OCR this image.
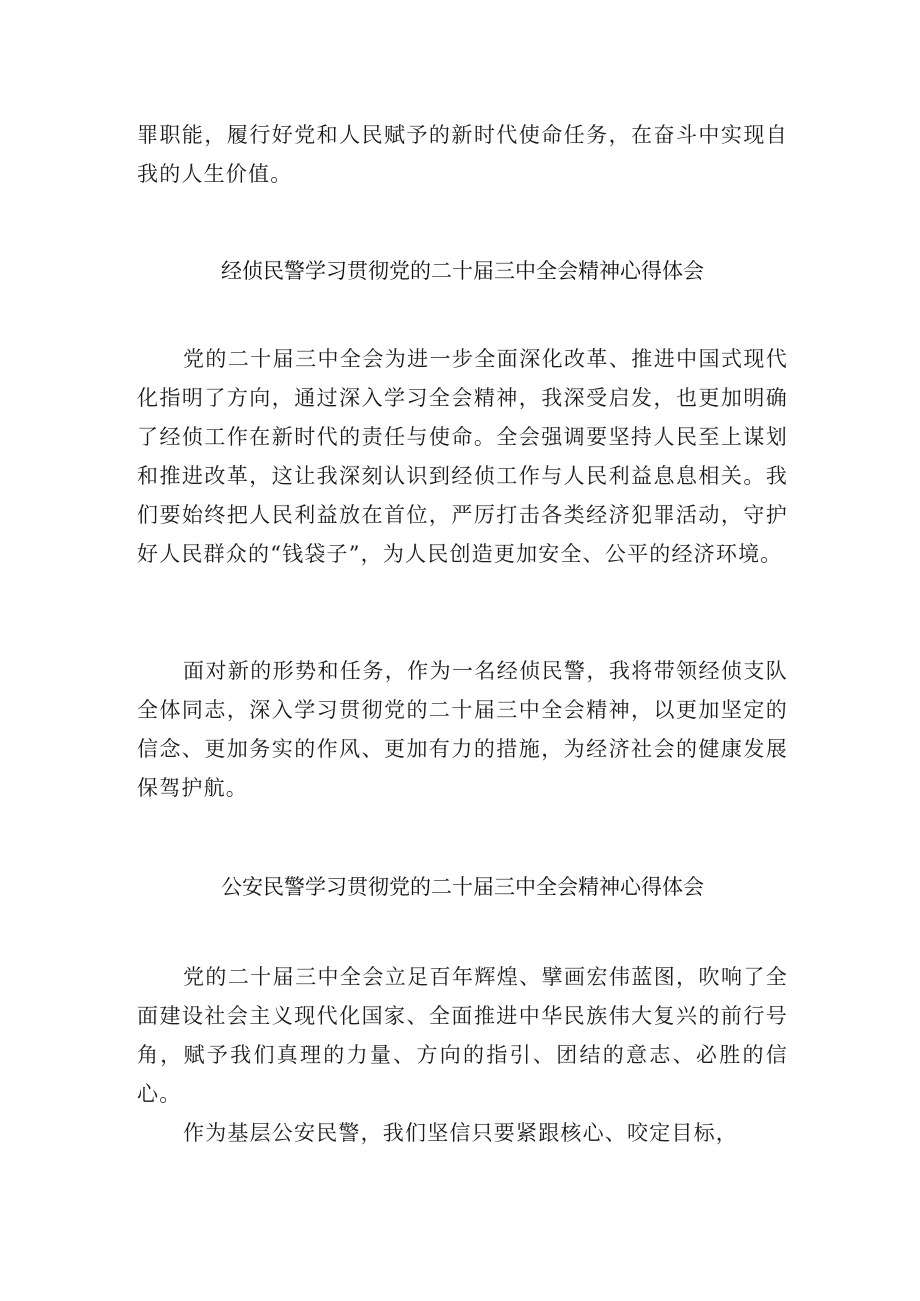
罪职能，履行好党和人民赋予的新时代使命任务，在奋斗中实现自我的人生价值。

经侦民警学习贯彻党的二十届三中全会精神心得体会

党的二十届三中全会为进一步全面深化改革、推进中国式现代化指明了方向，通过深入学习全会精神，我深受启发，也更加明确了经侦工作在新时代的责任与使命。全会强调要坚持人民至上谋划和推进改革，这让我深刻认识到经侦工作与人民利益息息相关。我们要始终把人民利益放在首位，严厉打击各类经济犯罪活动，守护好人民群众的“钱袋子”，为人民创造更加安全、公平的经济环境。

面对新的形势和任务，作为一名经侦民警，我将带领经侦支队全体同志，深入学习贯彻党的二十届三中全会精神，以更加坚定的信念、更加务实的作风、更加有力的措施，为经济社会的健康发展保驾护航。

公安民警学习贯彻党的二十届三中全会精神心得体会

党的二十届三中全会立足百年辉煌、擘画宏伟蓝图，吹响了全面建设社会主义现代化国家、全面推进中华民族伟大复兴的前行号角，赋予我们真理的力量、方向的指引、团结的意志、必胜的信心。

作为基层公安民警，我们坚信只要紧跟核心、咬定目标，
